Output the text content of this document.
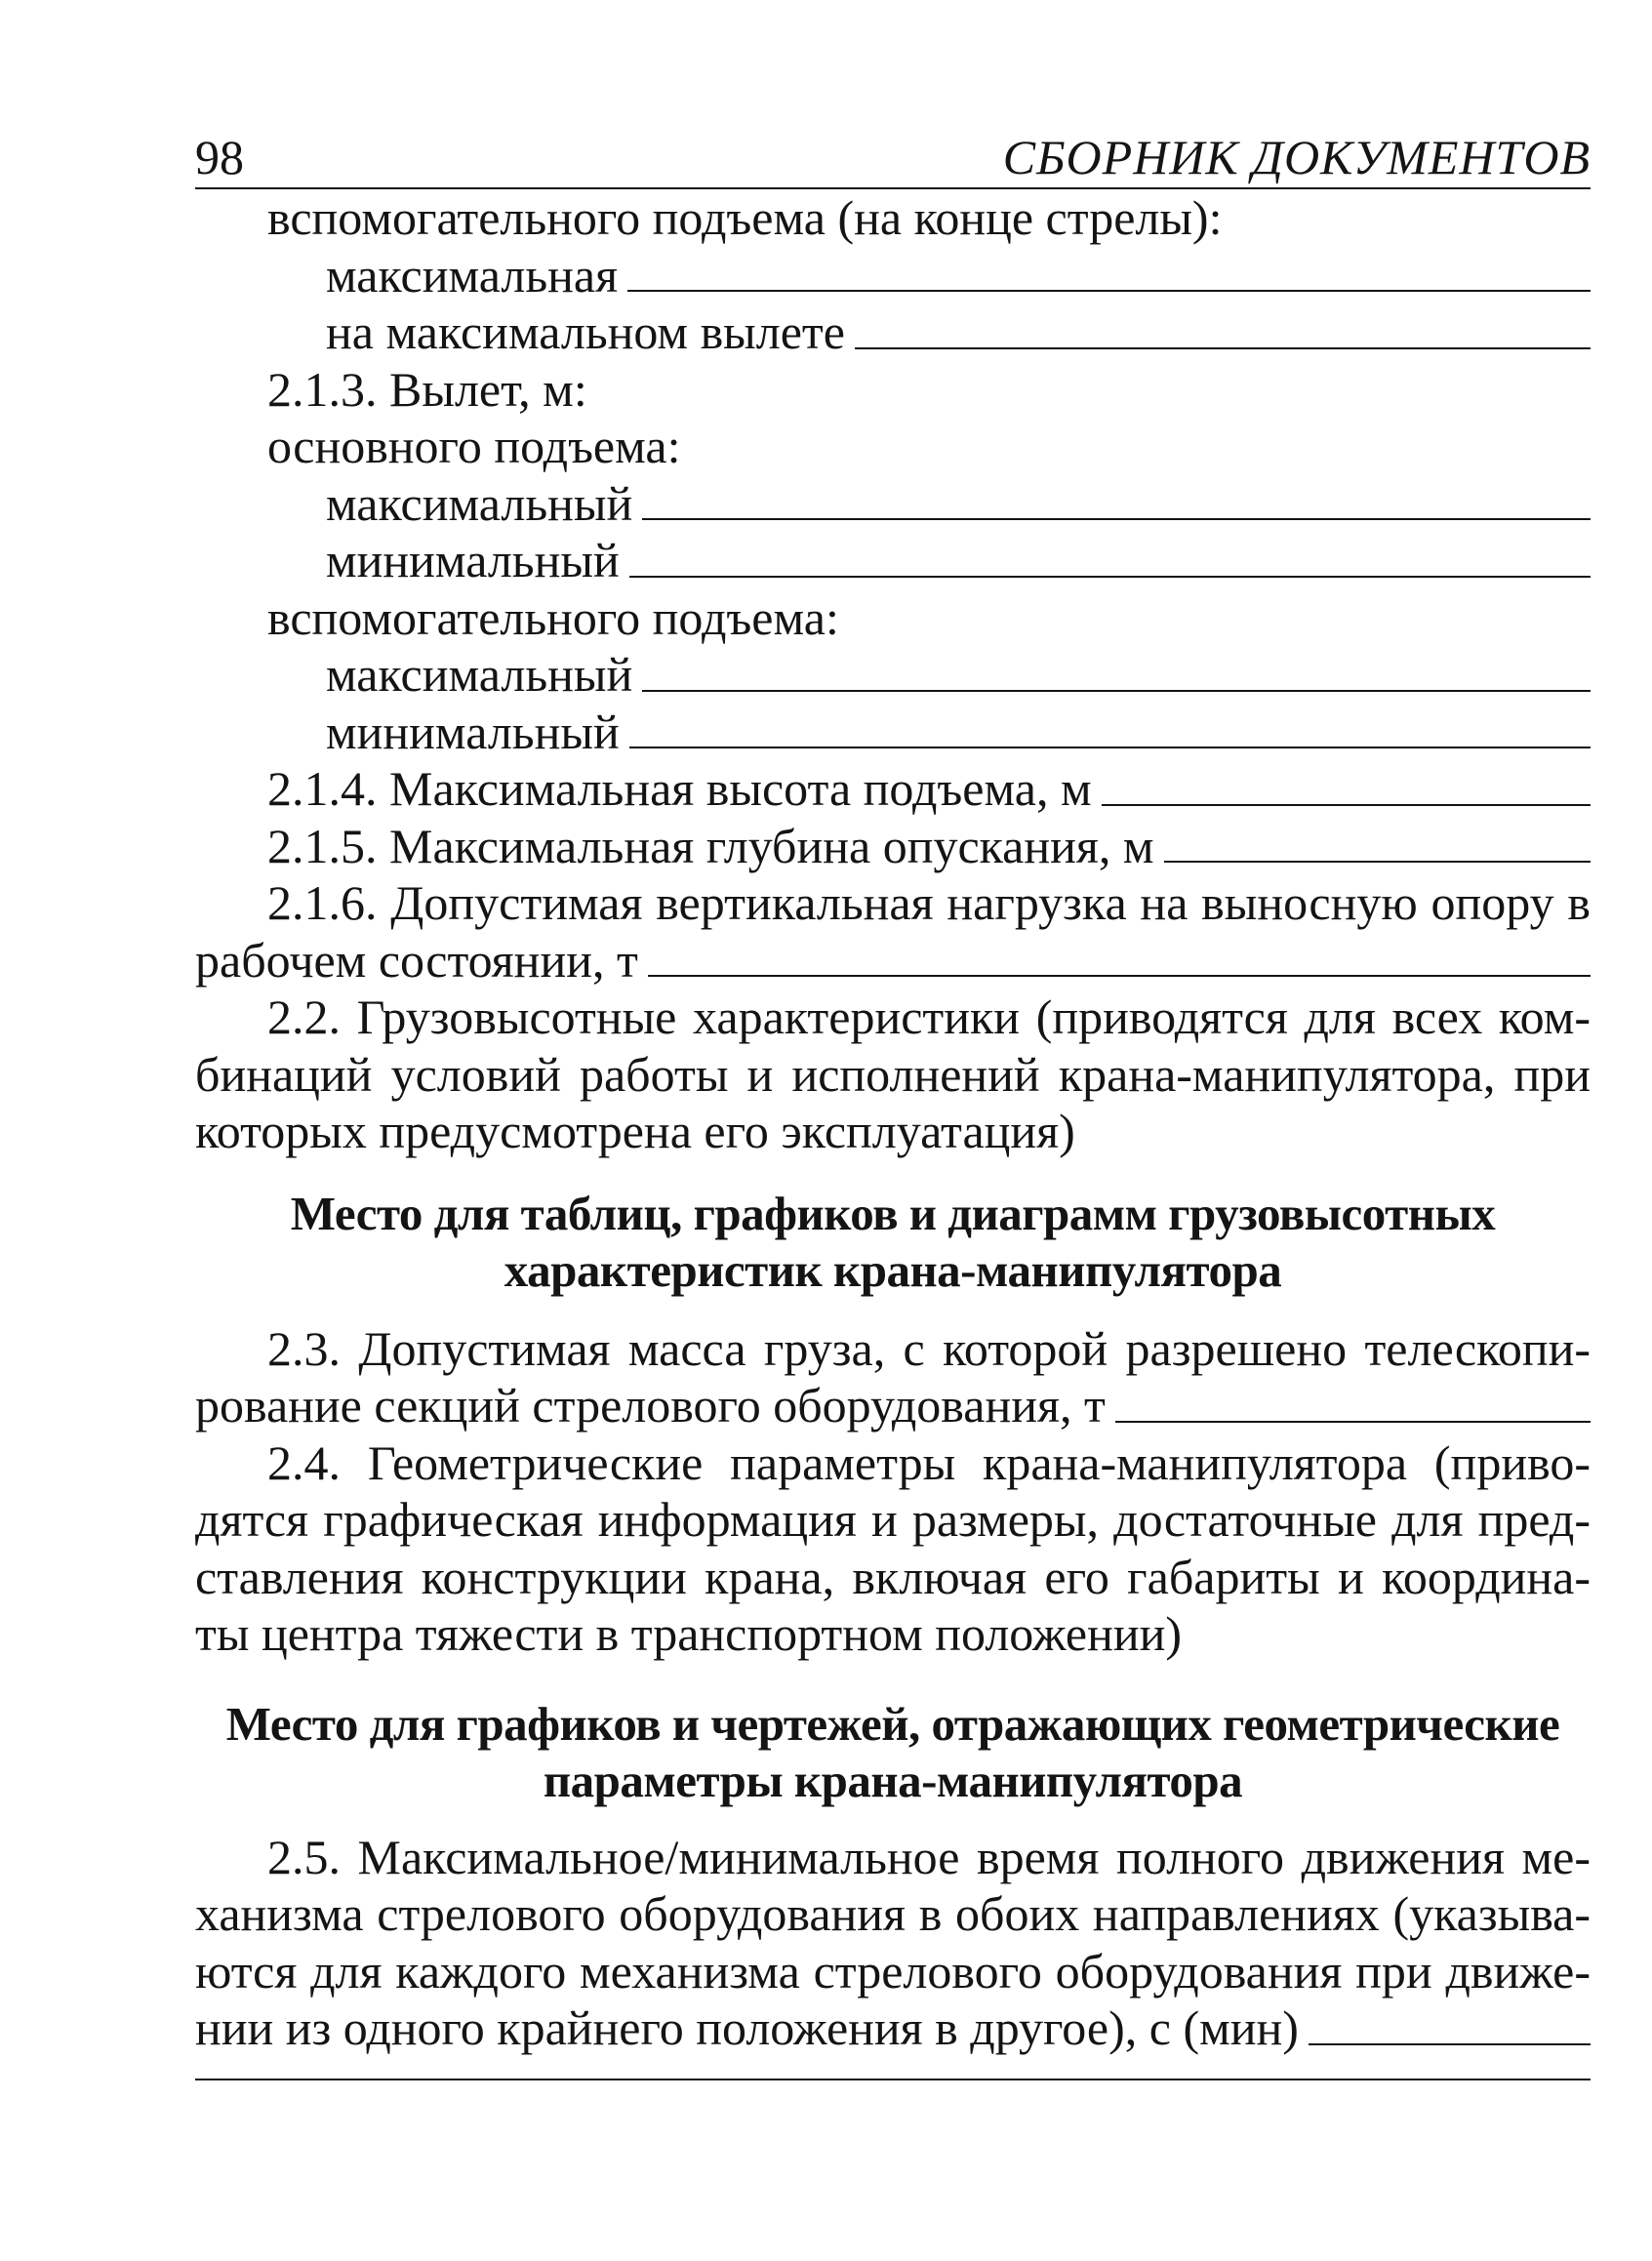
98	СБОРНИК ДОКУМЕНТОВ
вспомогательного подъема (на конце стрелы):
максимальная
на максимальном вылете
2.1.3. Вылет, м:
основного подъема:
максимальный
минимальный
вспомогательного подъема:
максимальный
минимальный
2.1.4. Максимальная высота подъема, м
2.1.5. Максимальная глубина опускания, м
2.1.6. Допустимая вертикальная нагрузка на выносную опору в
рабочем состоянии, т
2.2. Грузовысотные характеристики (приводятся для всех ком-
бинаций условий работы и исполнений крана-манипулятора, при
которых предусмотрена его эксплуатация)
Место для таблиц, графиков и диаграмм грузовысотных
характеристик крана-манипулятора
2.3. Допустимая масса груза, с которой разрешено телескопи-
рование секций стрелового оборудования, т
2.4. Геометрические параметры крана-манипулятора (приво-
дятся графическая информация и размеры, достаточные для пред-
ставления конструкции крана, включая его габариты и координа-
ты центра тяжести в транспортном положении)
Место для графиков и чертежей, отражающих геометрические
параметры крана-манипулятора
2.5. Максимальное/минимальное время полного движения ме-
ханизма стрелового оборудования в обоих направлениях (указыва-
ются для каждого механизма стрелового оборудования при движе-
нии из одного крайнего положения в другое), с (мин)
